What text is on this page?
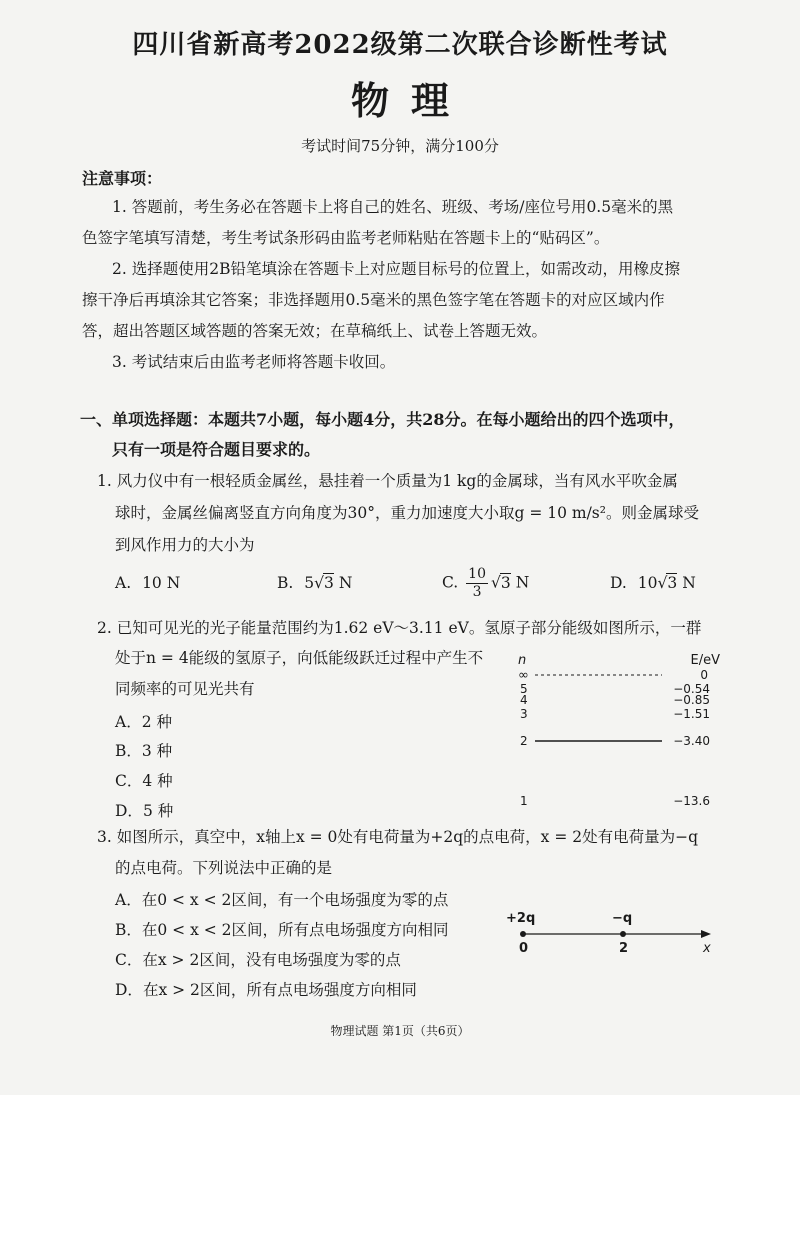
四川省新高考2022级第二次联合诊断性考试
物理
考试时间75分钟，满分100分
注意事项：
1. 答题前，考生务必在答题卡上将自己的姓名、班级、考场/座位号用0.5毫米的黑
色签字笔填写清楚，考生考试条形码由监考老师粘贴在答题卡上的“贴码区”。
2. 选择题使用2B铅笔填涂在答题卡上对应题目标号的位置上，如需改动，用橡皮擦
擦干净后再填涂其它答案；非选择题用0.5毫米的黑色签字笔在答题卡的对应区域内作
答，超出答题区域答题的答案无效；在草稿纸上、试卷上答题无效。
3. 考试结束后由监考老师将答题卡收回。
一、单项选择题：本题共7小题，每小题4分，共28分。在每小题给出的四个选项中，
只有一项是符合题目要求的。
1. 风力仪中有一根轻质金属丝，悬挂着一个质量为1 kg的金属球，当有风水平吹金属
球时，金属丝偏离竖直方向角度为30°，重力加速度大小取g = 10 m/s²。则金属球受
到风作用力的大小为
A. 10 N	B. 5√3 N	C. $\frac{10}{3} √3$ N	D. 10√3 N
2. 已知可见光的光子能量范围约为1.62 eV～3.11 eV。氢原子部分能级如图所示，一群
处于n = 4能级的氢原子，向低能级跃迁过程中产生不
同频率的可见光共有
A．2 种
B．3 种
C．4 种
D．5 种
n	E/eV
∞	0
5	−0.54
4	−0.85
3	−1.51
2	−3.40
1	−13.6
3. 如图所示，真空中，x轴上x = 0处有电荷量为+2q的点电荷，x = 2处有电荷量为−q
的点电荷。下列说法中正确的是
A．在0 < x < 2区间，有一个电场强度为零的点
B．在0 < x < 2区间，所有点电场强度方向相同
C．在x > 2区间，没有电场强度为零的点
D．在x > 2区间，所有点电场强度方向相同
+2q	−q
0	2	x
物理试题 第1页（共6页）
